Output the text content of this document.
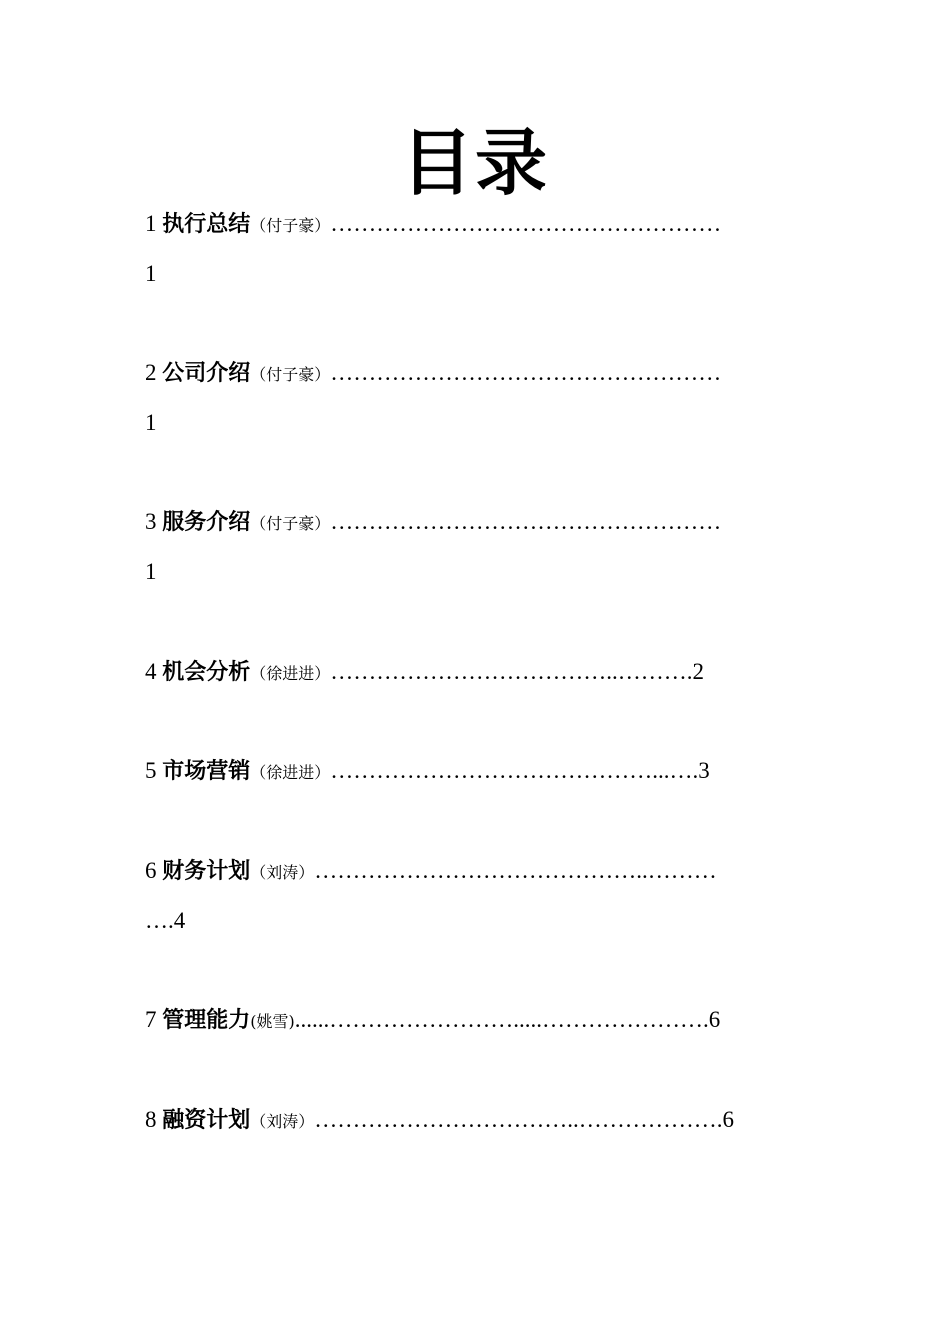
目录
1 执行总结（付子豪）……………………………………………
1
2 公司介绍（付子豪）……………………………………………
1
3 服务介绍（付子豪）……………………………………………
1
4 机会分析（徐进进）………………………………..……….2
5 市场营销（徐进进）……………………………………...….3
6 财务计划（刘涛）……………………………………..………
….4
7 管理能力(姚雪)......…………………….....………………….6
8 融资计划（刘涛）……………………………..……………….6
